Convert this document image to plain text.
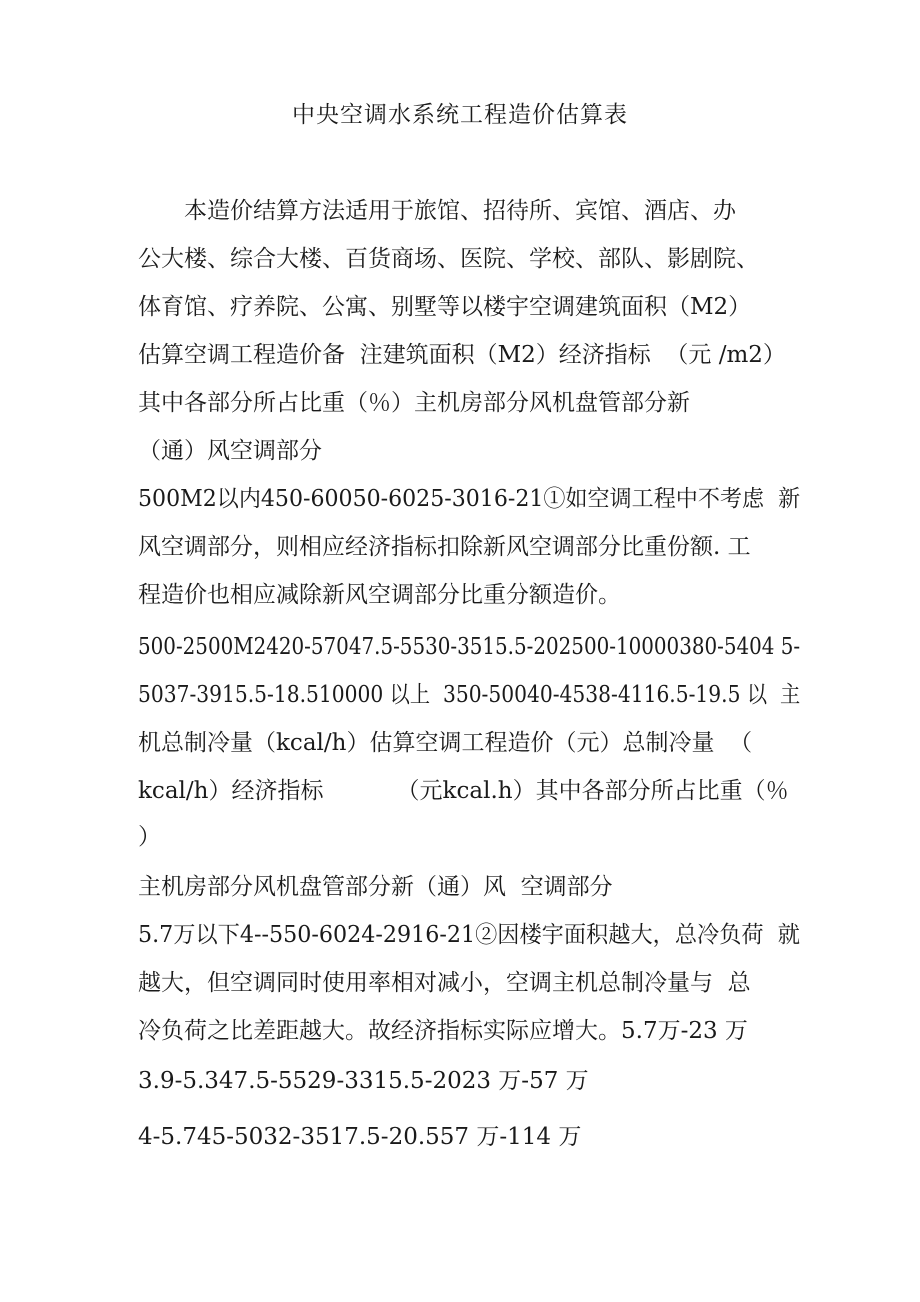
中央空调水系统工程造价估算表
　　本造价结算方法适用于旅馆、招待所、宾馆、酒店、办
公大楼、综合大楼、百货商场、医院、学校、部队、影剧院、
体育馆、疗养院、公寓、别墅等以楼宇空调建筑面积（M2）
估算空调工程造价备  注建筑面积（M2）经济指标  （元 /m2）
其中各部分所占比重（％）主机房部分风机盘管部分新
（通）风空调部分
500M2以内450-60050-6025-3016-21①如空调工程中不考虑  新
风空调部分，则相应经济指标扣除新风空调部分比重份额. 工
程造价也相应减除新风空调部分比重分额造价。
500-2500M2420-57047.5-5530-3515.5-202500-10000380-5404 5-
5037-3915.5-18.510000 以上  350-50040-4538-4116.5-19.5 以  主
机总制冷量（kcal/h）估算空调工程造价（元）总制冷量  （
kcal/h）经济指标          （元kcal.h）其中各部分所占比重（％
）
主机房部分风机盘管部分新（通）风  空调部分
5.7万以下4--550-6024-2916-21②因楼宇面积越大，总冷负荷  就
越大，但空调同时使用率相对减小，空调主机总制冷量与  总
冷负荷之比差距越大。故经济指标实际应增大。5.7万-23 万
3.9-5.347.5-5529-3315.5-2023 万-57 万
4-5.745-5032-3517.5-20.557 万-114 万
